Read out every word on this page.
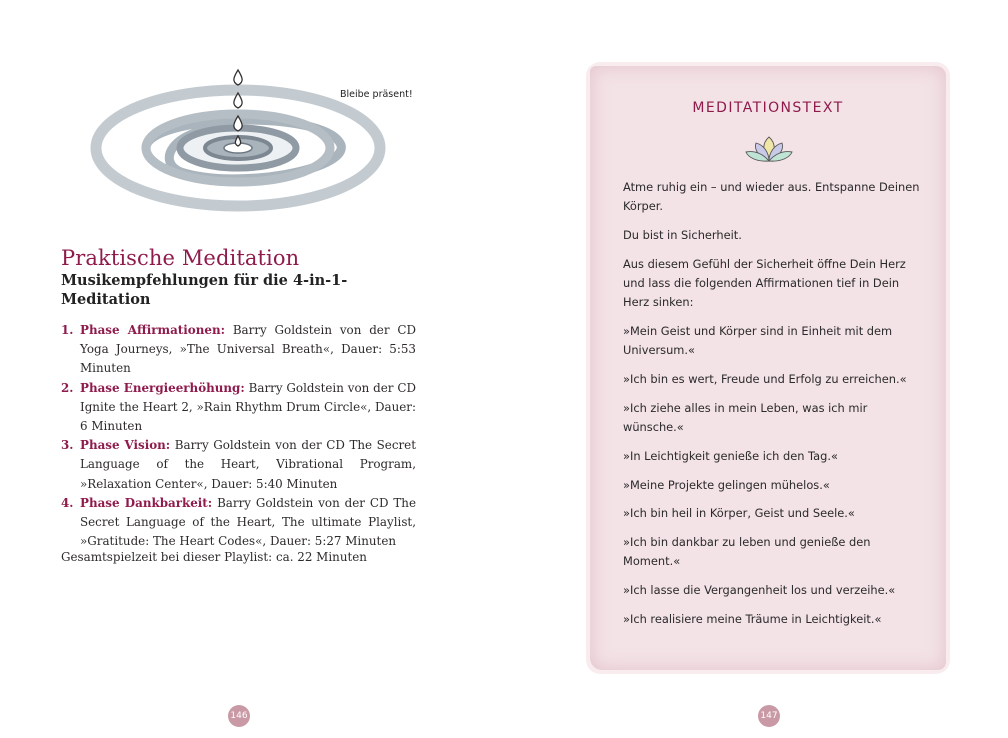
Bleibe präsent!
Praktische Meditation
Musikempfehlungen für die 4-in-1-Meditation
1. Phase Affirmationen: Barry Goldstein von der CD Yoga Journeys, »The Universal Breath«, Dauer: 5:53 Minuten
2. Phase Energieerhöhung: Barry Goldstein von der CD Ignite the Heart 2, »Rain Rhythm Drum Circle«, Dauer: 6 Minuten
3. Phase Vision: Barry Goldstein von der CD The Secret Language of the Heart, Vibrational Program, »Relaxation Center«, Dauer: 5:40 Minuten
4. Phase Dankbarkeit: Barry Goldstein von der CD The Secret Language of the Heart, The ultimate Playlist, »Gratitude: The Heart Codes«, Dauer: 5:27 Minuten
Gesamtspielzeit bei dieser Playlist: ca. 22 Minuten
146
MEDITATIONSTEXT

Atme ruhig ein – und wieder aus. Entspanne Deinen Körper.

Du bist in Sicherheit.

Aus diesem Gefühl der Sicherheit öffne Dein Herz und lass die folgenden Affirmationen tief in Dein Herz sinken:

»Mein Geist und Körper sind in Einheit mit dem Universum.«

»Ich bin es wert, Freude und Erfolg zu erreichen.«

»Ich ziehe alles in mein Leben, was ich mir wünsche.«

»In Leichtigkeit genieße ich den Tag.«

»Meine Projekte gelingen mühelos.«

»Ich bin heil in Körper, Geist und Seele.«

»Ich bin dankbar zu leben und genieße den Moment.«

»Ich lasse die Vergangenheit los und verzeihe.«

»Ich realisiere meine Träume in Leichtigkeit.«

147
